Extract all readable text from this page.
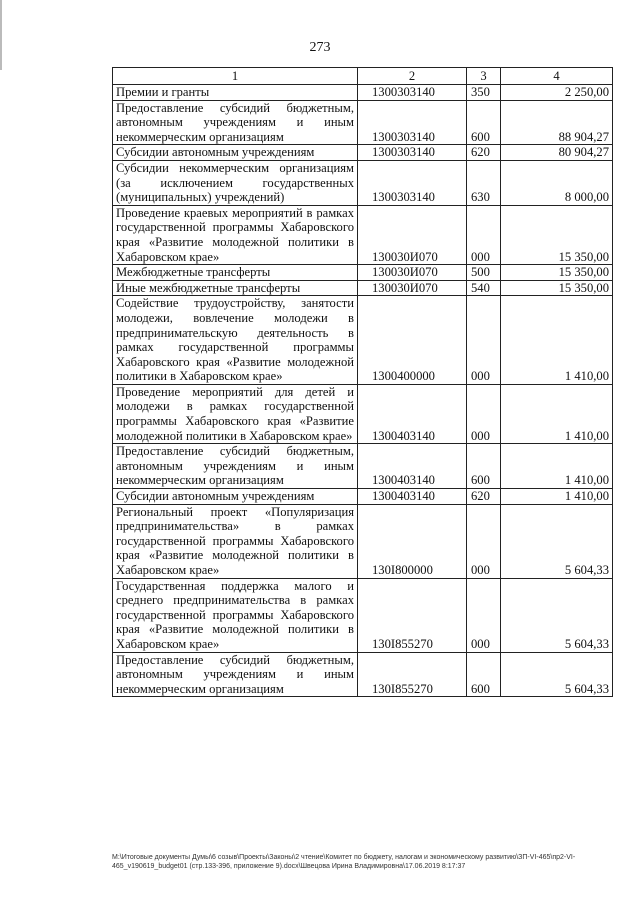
273
1	2	3	4
Премии и гранты	1300303140	350	2 250,00
Предоставление субсидий бюджетным, автономным учреждениям и иным некоммерческим организациям	1300303140	600	88 904,27
Субсидии автономным учреждениям	1300303140	620	80 904,27
Субсидии некоммерческим организациям (за исключением государственных (муниципальных) учреждений)	1300303140	630	8 000,00
Проведение краевых мероприятий в рамках государственной программы Хабаровского края «Развитие молодежной политики в Хабаровском крае»	130030И070	000	15 350,00
Межбюджетные трансферты	130030И070	500	15 350,00
Иные межбюджетные трансферты	130030И070	540	15 350,00
Содействие трудоустройству, занятости молодежи, вовлечение молодежи в предпринимательскую деятельность в рамках государственной программы Хабаровского края «Развитие молодежной политики в Хабаровском крае»	1300400000	000	1 410,00
Проведение мероприятий для детей и молодежи в рамках государственной программы Хабаровского края «Развитие молодежной политики в Хабаровском крае»	1300403140	000	1 410,00
Предоставление субсидий бюджетным, автономным учреждениям и иным некоммерческим организациям	1300403140	600	1 410,00
Субсидии автономным учреждениям	1300403140	620	1 410,00
Региональный проект «Популяризация предпринимательства» в рамках государственной программы Хабаровского края «Развитие молодежной политики в Хабаровском крае»	130I800000	000	5 604,33
Государственная поддержка малого и среднего предпринимательства в рамках государственной программы Хабаровского края «Развитие молодежной политики в Хабаровском крае»	130I855270	000	5 604,33
Предоставление субсидий бюджетным, автономным учреждениям и иным некоммерческим организациям	130I855270	600	5 604,33
М:\Итоговые документы Думы\6 созыв\Проекты\Законы\2 чтение\Комитет по бюджету, налогам и экономическому развитию\ЗП-VI-465\пр2-VI-465_v190619_budget01 (стр.133-396, приложение 9).docx\Швецова Ирина Владимировна\17.06.2019 8:17:37
